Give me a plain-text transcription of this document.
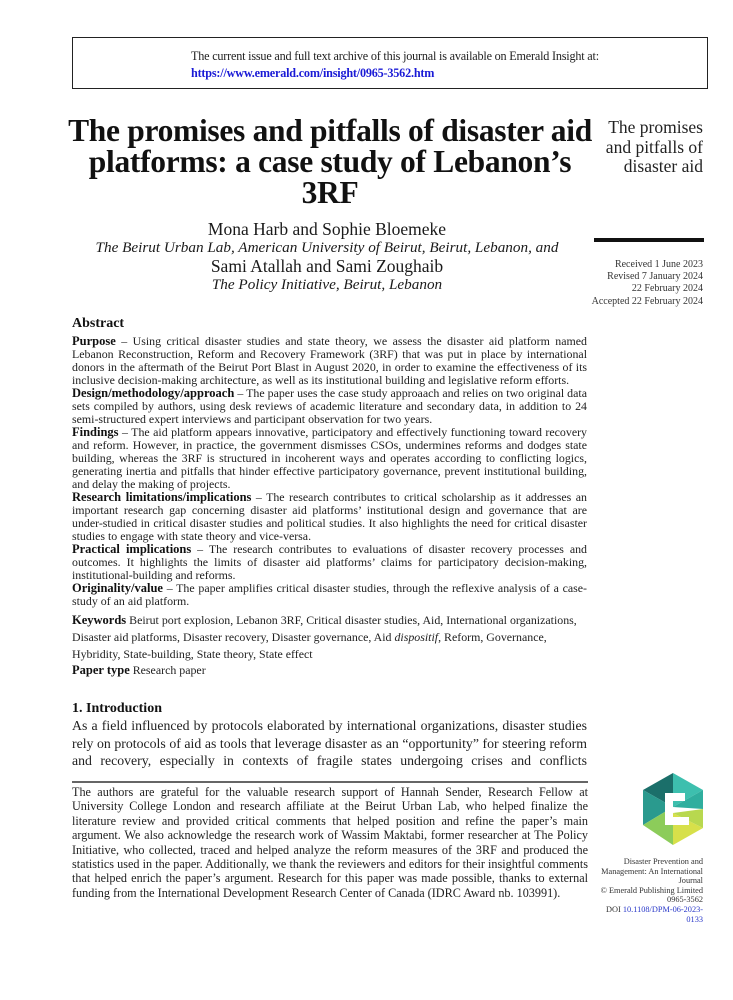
The current issue and full text archive of this journal is available on Emerald Insight at:
https://www.emerald.com/insight/0965-3562.htm
The promises and pitfalls of disaster aid platforms: a case study of Lebanon’s 3RF
Mona Harb and Sophie Bloemeke
The Beirut Urban Lab, American University of Beirut, Beirut, Lebanon, and
Sami Atallah and Sami Zoughaib
The Policy Initiative, Beirut, Lebanon
The promises and pitfalls of disaster aid
Received 1 June 2023
Revised 7 January 2024
22 February 2024
Accepted 22 February 2024
Abstract

Purpose – Using critical disaster studies and state theory, we assess the disaster aid platform named Lebanon Reconstruction, Reform and Recovery Framework (3RF) that was put in place by international donors in the aftermath of the Beirut Port Blast in August 2020, in order to examine the effectiveness of its inclusive decision-making architecture, as well as its institutional building and legislative reform efforts.

Design/methodology/approach – The paper uses the case study approaach and relies on two original data sets compiled by authors, using desk reviews of academic literature and secondary data, in addition to 24 semi-structured expert interviews and participant observation for two years.

Findings – The aid platform appears innovative, participatory and effectively functioning toward recovery and reform. However, in practice, the government dismisses CSOs, undermines reforms and dodges state building, whereas the 3RF is structured in incoherent ways and operates according to conflicting logics, generating inertia and pitfalls that hinder effective participatory governance, prevent institutional building, and delay the making of projects.

Research limitations/implications – The research contributes to critical scholarship as it addresses an important research gap concerning disaster aid platforms’ institutional design and governance that are under-studied in critical disaster studies and political studies. It also highlights the need for critical disaster studies to engage with state theory and vice-versa.

Practical implications – The research contributes to evaluations of disaster recovery processes and outcomes. It highlights the limits of disaster aid platforms’ claims for participatory decision-making, institutional-building and reforms.

Originality/value – The paper amplifies critical disaster studies, through the reflexive analysis of a case-study of an aid platform.

Keywords Beirut port explosion, Lebanon 3RF, Critical disaster studies, Aid, International organizations, Disaster aid platforms, Disaster recovery, Disaster governance, Aid dispositif, Reform, Governance, Hybridity, State-building, State theory, State effect

Paper type Research paper

1. Introduction

As a field influenced by protocols elaborated by international organizations, disaster studies rely on protocols of aid as tools that leverage disaster as an “opportunity” for steering reform and recovery, especially in contexts of fragile states undergoing crises and conflicts

The authors are grateful for the valuable research support of Hannah Sender, Research Fellow at University College London and research affiliate at the Beirut Urban Lab, who helped finalize the literature review and provided critical comments that helped position and refine the paper’s main argument. We also acknowledge the research work of Wassim Maktabi, former researcher at The Policy Initiative, who collected, traced and helped analyze the reform measures of the 3RF and produced the statistics used in the paper. Additionally, we thank the reviewers and editors for their insightful comments that helped enrich the paper’s argument. Research for this paper was made possible, thanks to external funding from the International Development Research Center of Canada (IDRC Award nb. 103991).

Disaster Prevention and Management: An International Journal
© Emerald Publishing Limited
0965-3562
DOI 10.1108/DPM-06-2023-0133
